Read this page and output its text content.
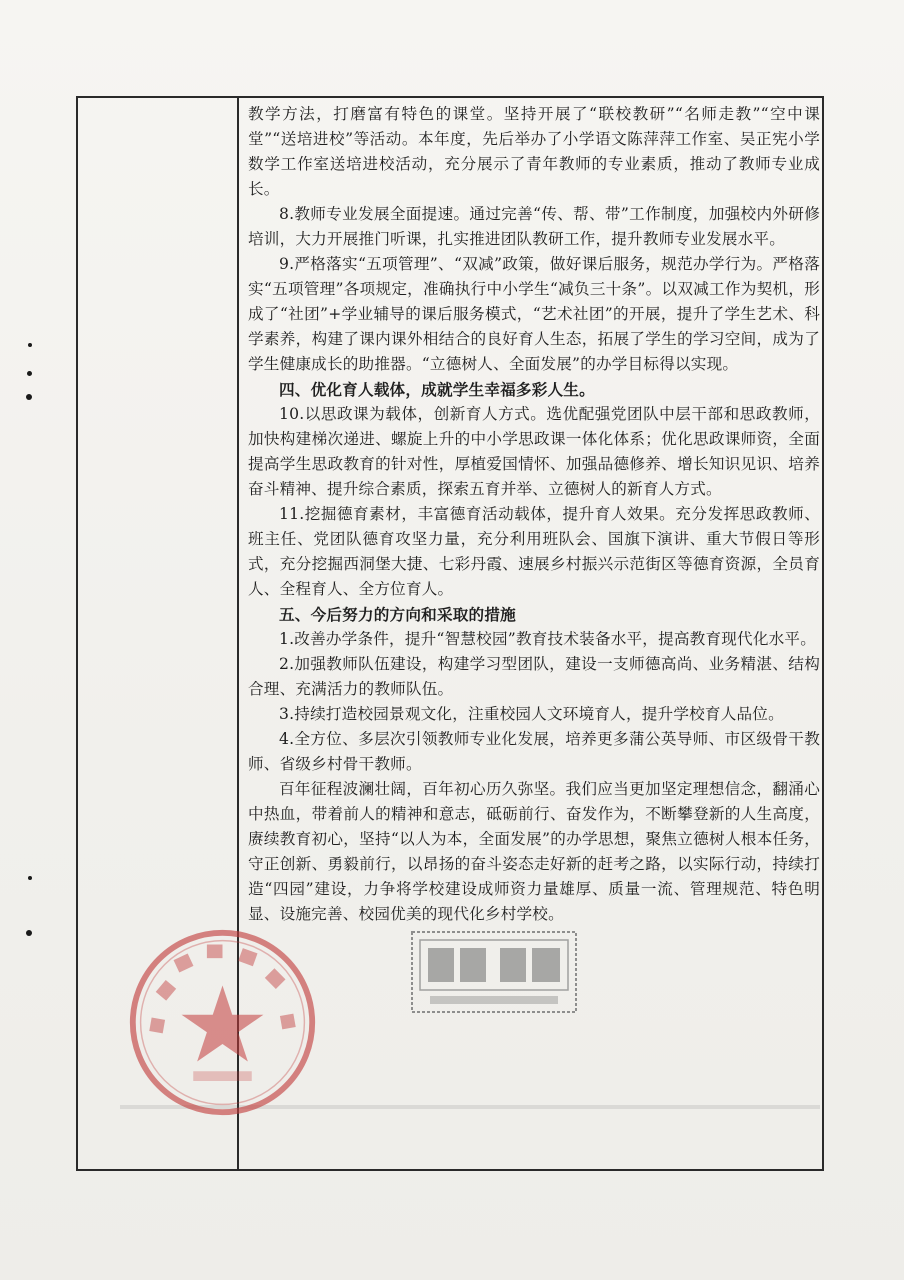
教学方法，打磨富有特色的课堂。坚持开展了“联校教研”“名师走教”“空中课堂”“送培进校”等活动。本年度，先后举办了小学语文陈萍萍工作室、吴正宪小学数学工作室送培进校活动，充分展示了青年教师的专业素质，推动了教师专业成长。

8.教师专业发展全面提速。通过完善“传、帮、带”工作制度，加强校内外研修培训，大力开展推门听课，扎实推进团队教研工作，提升教师专业发展水平。

9.严格落实“五项管理”、“双减”政策，做好课后服务，规范办学行为。严格落实“五项管理”各项规定，准确执行中小学生“减负三十条”。以双减工作为契机，形成了“社团”+学业辅导的课后服务模式，“艺术社团”的开展，提升了学生艺术、科学素养，构建了课内课外相结合的良好育人生态，拓展了学生的学习空间，成为了学生健康成长的助推器。“立德树人、全面发展”的办学目标得以实现。

四、优化育人载体，成就学生幸福多彩人生。

10.以思政课为载体，创新育人方式。选优配强党团队中层干部和思政教师，加快构建梯次递进、螺旋上升的中小学思政课一体化体系；优化思政课师资，全面提高学生思政教育的针对性，厚植爱国情怀、加强品德修养、增长知识见识、培养奋斗精神、提升综合素质，探索五育并举、立德树人的新育人方式。

11.挖掘德育素材，丰富德育活动载体，提升育人效果。充分发挥思政教师、班主任、党团队德育攻坚力量，充分利用班队会、国旗下演讲、重大节假日等形式，充分挖掘西洞堡大捷、七彩丹霞、速展乡村振兴示范街区等德育资源，全员育人、全程育人、全方位育人。

五、今后努力的方向和采取的措施

1.改善办学条件，提升“智慧校园”教育技术装备水平，提高教育现代化水平。

2.加强教师队伍建设，构建学习型团队，建设一支师德高尚、业务精湛、结构合理、充满活力的教师队伍。

3.持续打造校园景观文化，注重校园人文环境育人，提升学校育人品位。

4.全方位、多层次引领教师专业化发展，培养更多蒲公英导师、市区级骨干教师、省级乡村骨干教师。

百年征程波澜壮阔，百年初心历久弥坚。我们应当更加坚定理想信念，翻涌心中热血，带着前人的精神和意志，砥砺前行、奋发作为，不断攀登新的人生高度，赓续教育初心，坚持“以人为本，全面发展”的办学思想，聚焦立德树人根本任务，守正创新、勇毅前行，以昂扬的奋斗姿态走好新的赶考之路，以实际行动，持续打造“四园”建设，力争将学校建设成师资力量雄厚、质量一流、管理规范、特色明显、设施完善、校园优美的现代化乡村学校。
